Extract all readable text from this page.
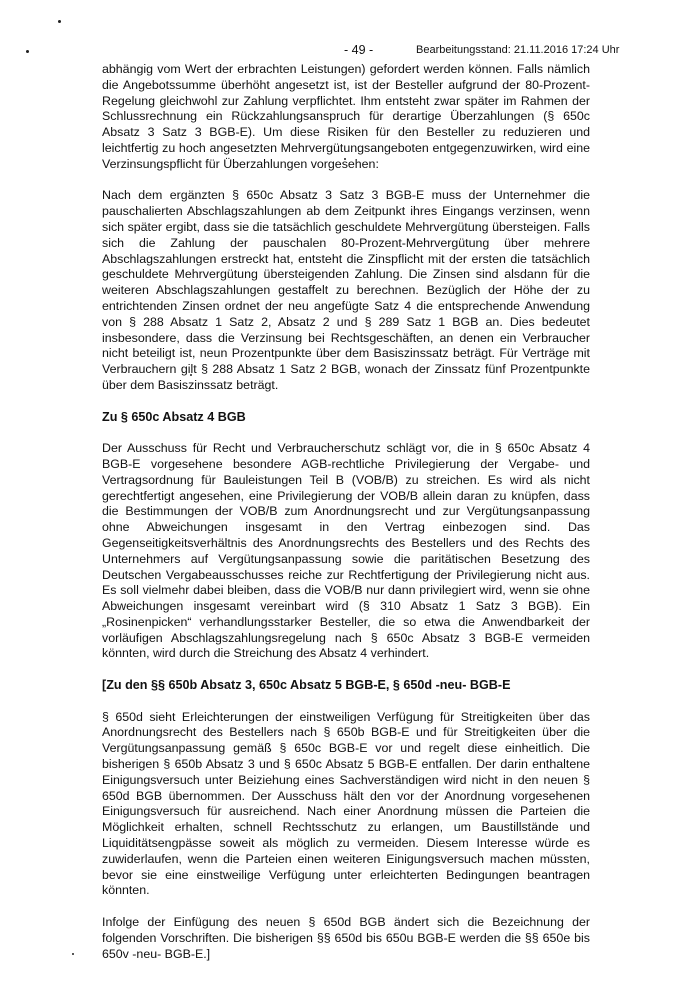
- 49 -	Bearbeitungsstand: 21.11.2016 17:24 Uhr

abhängig vom Wert der erbrachten Leistungen) gefordert werden können. Falls nämlich die Angebotssumme überhöht angesetzt ist, ist der Besteller aufgrund der 80-Prozent-Regelung gleichwohl zur Zahlung verpflichtet. Ihm entsteht zwar später im Rahmen der Schlussrechnung ein Rückzahlungsanspruch für derartige Überzahlungen (§ 650c Absatz 3 Satz 3 BGB-E). Um diese Risiken für den Besteller zu reduzieren und leichtfertig zu hoch angesetzten Mehrvergütungsangeboten entgegenzuwirken, wird eine Verzinsungspflicht für Überzahlungen vorgesehen:

Nach dem ergänzten § 650c Absatz 3 Satz 3 BGB-E muss der Unternehmer die pauschalierten Abschlagszahlungen ab dem Zeitpunkt ihres Eingangs verzinsen, wenn sich später ergibt, dass sie die tatsächlich geschuldete Mehrvergütung übersteigen. Falls sich die Zahlung der pauschalen 80-Prozent-Mehrvergütung über mehrere Abschlagszahlungen erstreckt hat, entsteht die Zinspflicht mit der ersten die tatsächlich geschuldete Mehrvergütung übersteigenden Zahlung. Die Zinsen sind alsdann für die weiteren Abschlagszahlungen gestaffelt zu berechnen. Bezüglich der Höhe der zu entrichtenden Zinsen ordnet der neu angefügte Satz 4 die entsprechende Anwendung von § 288 Absatz 1 Satz 2, Absatz 2 und § 289 Satz 1 BGB an. Dies bedeutet insbesondere, dass die Verzinsung bei Rechtsgeschäften, an denen ein Verbraucher nicht beteiligt ist, neun Prozentpunkte über dem Basiszinssatz beträgt. Für Verträge mit Verbrauchern gilt § 288 Absatz 1 Satz 2 BGB, wonach der Zinssatz fünf Prozentpunkte über dem Basiszinssatz beträgt.

Zu § 650c Absatz 4 BGB

Der Ausschuss für Recht und Verbraucherschutz schlägt vor, die in § 650c Absatz 4 BGB-E vorgesehene besondere AGB-rechtliche Privilegierung der Vergabe- und Vertragsordnung für Bauleistungen Teil B (VOB/B) zu streichen. Es wird als nicht gerechtfertigt angesehen, eine Privilegierung der VOB/B allein daran zu knüpfen, dass die Bestimmungen der VOB/B zum Anordnungsrecht und zur Vergütungsanpassung ohne Abweichungen insgesamt in den Vertrag einbezogen sind. Das Gegenseitigkeitsverhältnis des Anordnungsrechts des Bestellers und des Rechts des Unternehmers auf Vergütungsanpassung sowie die paritätischen Besetzung des Deutschen Vergabeausschusses reiche zur Rechtfertigung der Privilegierung nicht aus. Es soll vielmehr dabei bleiben, dass die VOB/B nur dann privilegiert wird, wenn sie ohne Abweichungen insgesamt vereinbart wird (§ 310 Absatz 1 Satz 3 BGB). Ein „Rosinenpicken“ verhandlungsstarker Besteller, die so etwa die Anwendbarkeit der vorläufigen Abschlagszahlungsregelung nach § 650c Absatz 3 BGB-E vermeiden könnten, wird durch die Streichung des Absatz 4 verhindert.

[Zu den §§ 650b Absatz 3, 650c Absatz 5 BGB-E, § 650d -neu- BGB-E

§ 650d sieht Erleichterungen der einstweiligen Verfügung für Streitigkeiten über das Anordnungsrecht des Bestellers nach § 650b BGB-E und für Streitigkeiten über die Vergütungsanpassung gemäß § 650c BGB-E vor und regelt diese einheitlich. Die bisherigen § 650b Absatz 3 und § 650c Absatz 5 BGB-E entfallen. Der darin enthaltene Einigungsversuch unter Beiziehung eines Sachverständigen wird nicht in den neuen § 650d BGB übernommen. Der Ausschuss hält den vor der Anordnung vorgesehenen Einigungsversuch für ausreichend. Nach einer Anordnung müssen die Parteien die Möglichkeit erhalten, schnell Rechtsschutz zu erlangen, um Baustillstände und Liquiditätsengpässe soweit als möglich zu vermeiden. Diesem Interesse würde es zuwiderlaufen, wenn die Parteien einen weiteren Einigungsversuch machen müssten, bevor sie eine einstweilige Verfügung unter erleichterten Bedingungen beantragen könnten.

Infolge der Einfügung des neuen § 650d BGB ändert sich die Bezeichnung der folgenden Vorschriften. Die bisherigen §§ 650d bis 650u BGB-E werden die §§ 650e bis 650v -neu- BGB-E.]
